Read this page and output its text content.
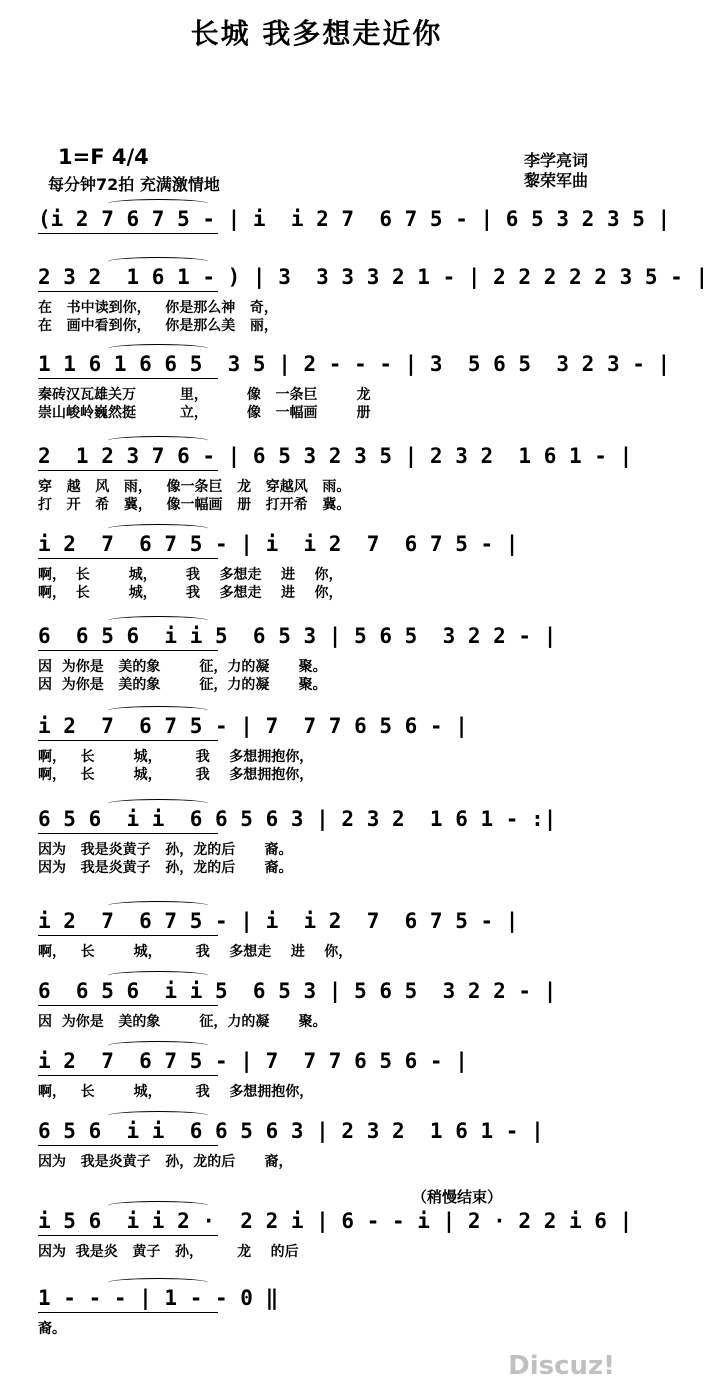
长城 我多想走近你
1=F 4/4
每分钟72拍 充满激情地
李学亮词
黎荣军曲
(i 2 7 6 7 5 - | i  i 2 7  6 7 5 - | 6 5 3 2 3 5 |
2 3 2  1 6 1 - ) | 3  3 3 3 2 1 - | 2 2 2 2 2 3 5 - |
在   书中读到你，   你是那么神   奇，
在   画中看到你，   你是那么美   丽，
1 1 6 1 6 6 5  3 5 | 2 - - - | 3  5 6 5  3 2 3 - |
秦砖汉瓦雄关万         里，        像   一条巨        龙
崇山峻岭巍然挺         立，        像   一幅画        册
2  1 2 3 7 6 - | 6 5 3 2 3 5 | 2 3 2  1 6 1 - |
穿   越   风   雨，   像一条巨   龙   穿越风   雨。
打   开   希   冀，   像一幅画   册   打开希   冀。
i 2  7  6 7 5 - | i  i 2  7  6 7 5 - |
啊，  长        城，      我    多想走    进    你，
啊，  长        城，      我    多想走    进    你，
6  6 5 6  i i 5  6 5 3 | 5 6 5  3 2 2 - |
因  为你是   美的象        征，力的凝      聚。
因  为你是   美的象        征，力的凝      聚。
i 2  7  6 7 5 - | 7  7 7 6 5 6 - |
啊，   长        城，       我    多想拥抱你，
啊，   长        城，       我    多想拥抱你，
6 5 6  i i  6 6 5 6 3 | 2 3 2  1 6 1 - :|
因为   我是炎黄子   孙，龙的后      裔。
因为   我是炎黄子   孙，龙的后      裔。
i 2  7  6 7 5 - | i  i 2  7  6 7 5 - |
啊，   长        城，       我    多想走    进    你，
6  6 5 6  i i 5  6 5 3 | 5 6 5  3 2 2 - |
因  为你是   美的象        征，力的凝      聚。
i 2  7  6 7 5 - | 7  7 7 6 5 6 - |
啊，   长        城，       我    多想拥抱你，
6 5 6  i i  6 6 5 6 3 | 2 3 2  1 6 1 - |
因为   我是炎黄子   孙，龙的后      裔，
i 5 6  i i 2 ·  2 2 i | 6 - - i | 2 · 2 2 i 6 |
因为  我是炎   黄子   孙，       龙    的后
1 - - - | 1 - - 0 ‖
裔。
（稍慢结束）
Discuz!
